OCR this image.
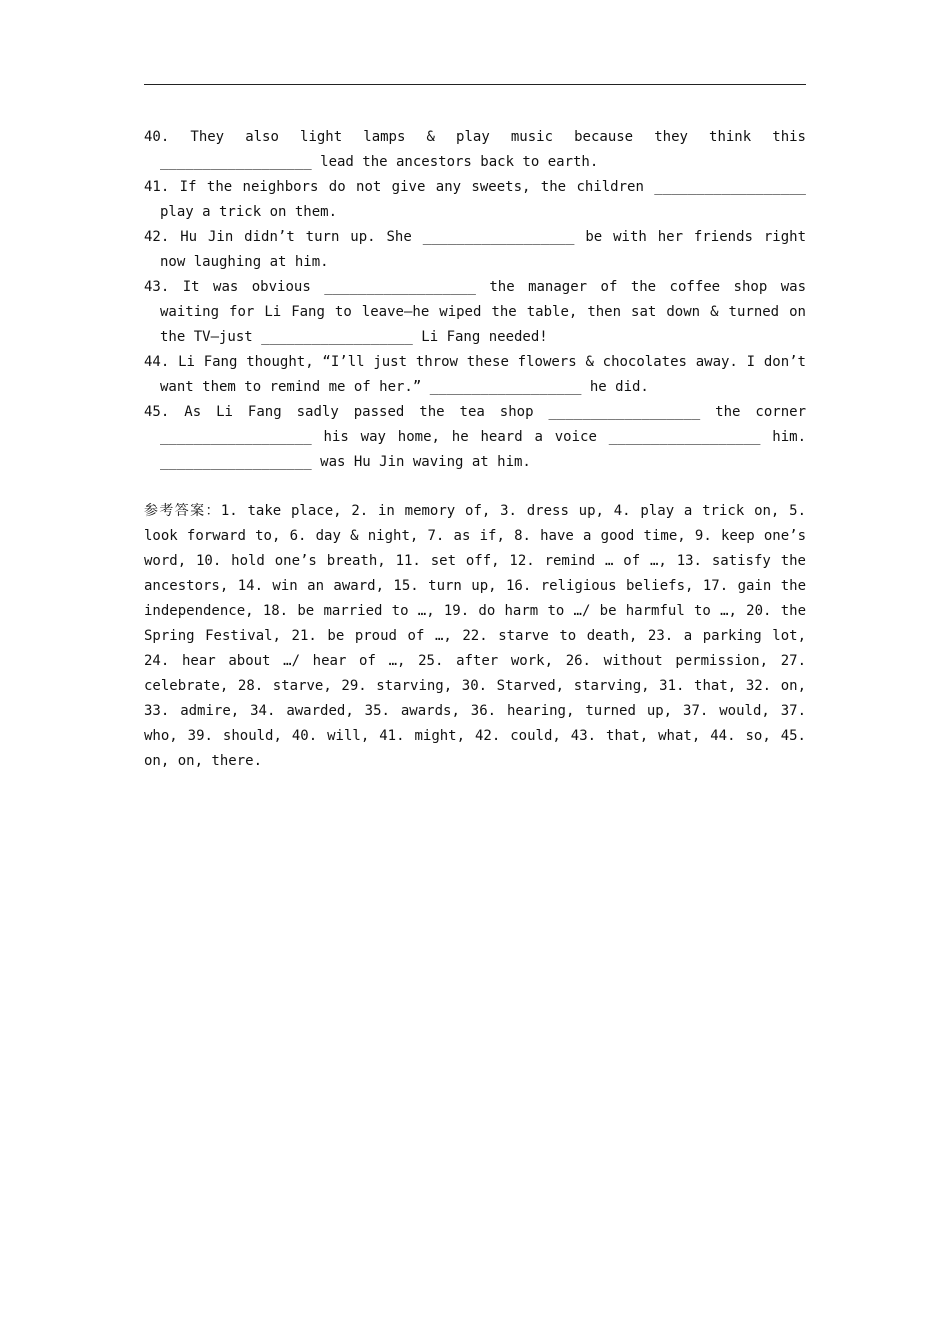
40. They also light lamps & play music because they think this __________________ lead the ancestors back to earth.

41. If the neighbors do not give any sweets, the children __________________ play a trick on them.

42. Hu Jin didn’t turn up. She __________________ be with her friends right now laughing at him.

43. It was obvious __________________ the manager of the coffee shop was waiting for Li Fang to leave—he wiped the table, then sat down & turned on the TV—just __________________ Li Fang needed!

44. Li Fang thought, “I’ll just throw these flowers & chocolates away. I don’t want them to remind me of her.” __________________ he did.

45. As Li Fang sadly passed the tea shop __________________ the corner __________________ his way home, he heard a voice __________________ him. __________________ was Hu Jin waving at him.

参考答案：1. take place, 2. in memory of, 3. dress up, 4. play a trick on, 5. look forward to, 6. day & night, 7. as if, 8. have a good time, 9. keep one’s word, 10. hold one’s breath, 11. set off, 12. remind … of …, 13. satisfy the ancestors, 14. win an award, 15. turn up, 16. religious beliefs, 17. gain the independence, 18. be married to …, 19. do harm to …/ be harmful to …, 20. the Spring Festival, 21. be proud of …, 22. starve to death, 23. a parking lot, 24. hear about …/ hear of …, 25. after work, 26. without permission, 27. celebrate, 28. starve, 29. starving, 30. Starved, starving, 31. that, 32. on, 33. admire, 34. awarded, 35. awards, 36. hearing, turned up, 37. would, 37. who, 39. should, 40. will, 41. might, 42. could, 43. that, what, 44. so, 45. on, on, there.
